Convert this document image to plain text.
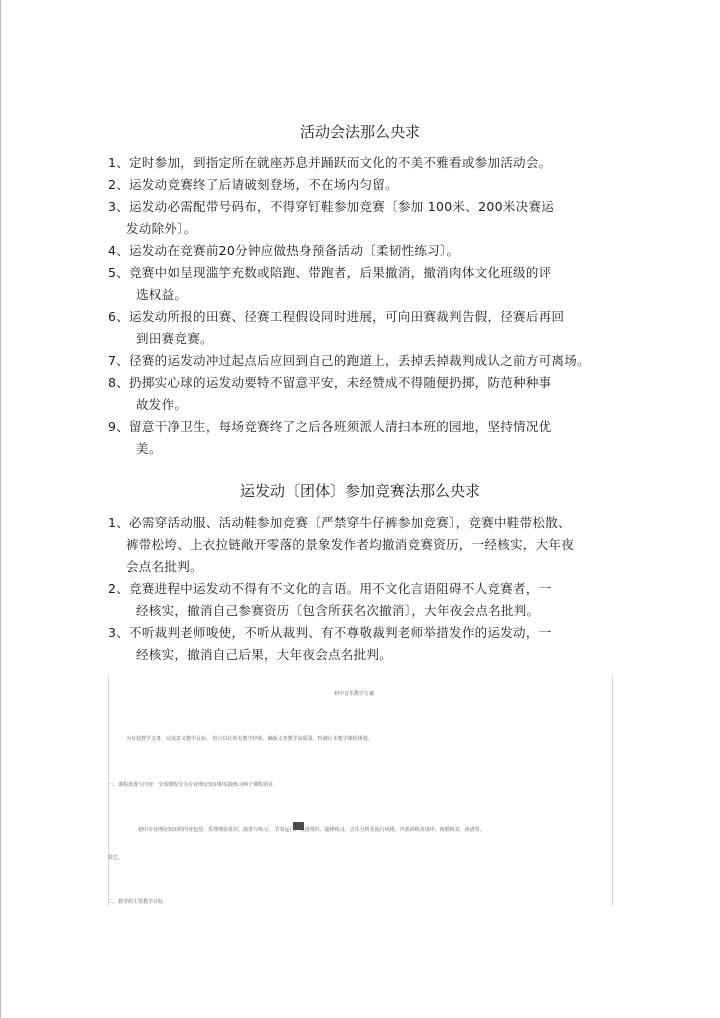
活动会法那么央求
1、定时参加，到指定所在就座苏息并踊跃而文化的不美不雅看或参加活动会。
2、运发动竞赛终了后请破刻登场，不在场内匀留。
3、运发动必需配带号码布，不得穿钉鞋参加竞赛〔参加 100米、200米决赛运
发动除外〕。
4、运发动在竞赛前20分钟应做热身预备活动〔柔韧性练习〕。
5、竞赛中如呈现滥竽充数或陪跑、带跑者，后果撤消，撤消肉体文化班级的评
选权益。
6、运发动所报的田赛、径赛工程假设同时进展，可向田赛裁判告假，径赛后再回
到田赛竞赛。
7、径赛的运发动冲过起点后应回到自己的跑道上，丢掉丢掉裁判成认之前方可离场。
8、扔掷实心球的运发动要特不留意平安，未经赞成不得随便扔掷，防范种种事
故发作。
9、留意干净卫生，每场竞赛终了之后各班须派人清扫本班的园地，坚持情况优
美。
运发动〔团体〕参加竞赛法那么央求
1、必需穿活动服、活动鞋参加竞赛〔严禁穿牛仔裤参加竞赛〕，竞赛中鞋带松散、
裤带松垮、上衣拉链敞开零落的景象发作者均撤消竞赛资历，一经核实，大年夜
会点名批判。
2、竞赛进程中运发动不得有不文化的言语。用不文化言语阻碍不人竞赛者，一
经核实，撤消自己参赛资历〔包含所获名次撤消〕，大年夜会点名批判。
3、不听裁判老师唆使，不听从裁判、有不尊敬裁判老师举措发作的运发动，一
经核实，撤消自己后果，大年夜会点名批判。
初中音乐教学方案
为有效教学义务，完成意义教学目标， 结合以往所有教学经验，确保义务教学高质量、特制订本教学课程规划。
一、课程设置与内容：全部课程分为专业理论知识和实践练习两个课程项目。
初中专业理论知识的内容包括：乐理理论常识、演奏与练习、 节奏运行、线谱常识、旋律练习、音乐分析及流行风格、声部训练及讲评、视唱练耳、读谱等。
技艺。
二、教学的主要教学目标
